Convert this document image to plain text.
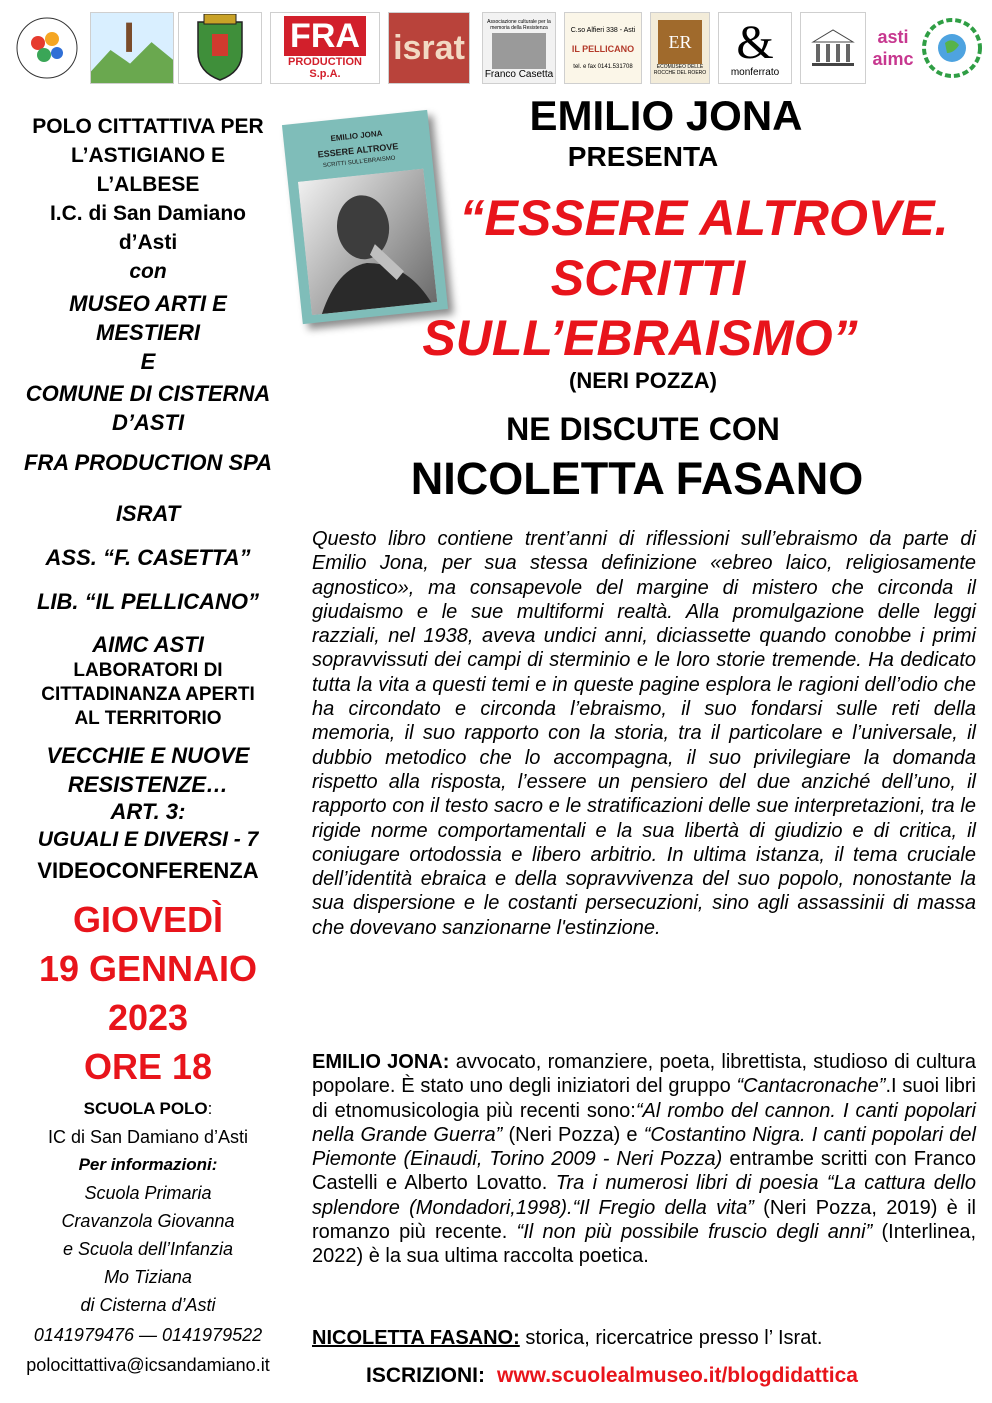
FRA
PRODUCTION S.p.A.
israt
Associazione culturale per la memoria della Resistenza
Franco Casetta
C.so Alfieri 338 - Asti
IL PELLICANO
tel. e fax 0141.531708
ER
ECOMUSEO DELLE ROCCHE DEL ROERO
&
monferrato
asti
aimc
POLO CITTATTIVA PER
L’ASTIGIANO E
L’ALBESE
I.C. di San Damiano
d’Asti
con
MUSEO ARTI E
MESTIERI
E
COMUNE DI CISTERNA
D’ASTI
FRA PRODUCTION SPA
ISRAT
ASS. “F. CASETTA”
LIB. “IL PELLICANO”
AIMC ASTI
LABORATORI DI
CITTADINANZA APERTI
AL TERRITORIO
VECCHIE E NUOVE
RESISTENZE…
ART. 3:
UGUALI E DIVERSI - 7
VIDEOCONFERENZA
GIOVEDÌ
19 GENNAIO
2023
ORE 18
SCUOLA POLO:
IC di San Damiano d’Asti
Per informazioni:
Scuola Primaria
Cravanzola Giovanna
e Scuola dell’Infanzia
Mo Tiziana
di Cisterna d’Asti
0141979476 — 0141979522
polocittattiva@icsandamiano.it
EMILIO JONA
ESSERE ALTROVE
SCRITTI SULL'EBRAISMO
EMILIO JONA
PRESENTA
“ESSERE ALTROVE.
SCRITTI
SULL’EBRAISMO”
(NERI POZZA)
NE DISCUTE CON
NICOLETTA FASANO

Questo libro contiene trent’anni di riflessioni sull’ebraismo da parte di Emilio Jona, per sua stessa definizione «ebreo laico, religiosamente agnostico», ma consapevole del margine di mistero che circonda il giudaismo e le sue multiformi realtà. Alla promulgazione delle leggi razziali, nel 1938, aveva undici anni, diciassette quando conobbe i primi sopravvissuti dei campi di sterminio e le loro storie tremende. Ha dedicato tutta la vita a questi temi e in queste pagine esplora le ragioni dell’odio che ha circondato e circonda l’ebraismo, il suo fondarsi sulle reti della memoria, il suo rapporto con la storia, tra il particolare e l’universale, il dubbio metodico che lo accompagna, il suo privilegiare la domanda rispetto alla risposta, l’essere un pensiero del due anziché dell’uno, il rapporto con il testo sacro e le stratificazioni delle sue interpretazioni, tra le rigide norme comportamentali e la sua libertà di giudizio e di critica, il coniugare ortodossia e libero arbitrio. In ultima istanza, il tema cruciale dell’identità ebraica e della sopravvivenza del suo popolo, nonostante la sua dispersione e le costanti persecuzioni, sino agli assassinii di massa che dovevano sanzionarne l'estinzione.

EMILIO JONA: avvocato, romanziere, poeta, librettista, studioso di cultura popolare. È stato uno degli iniziatori del gruppo “Cantacronache”.I suoi libri di etnomusicologia più recenti sono:“Al rombo del cannon. I canti popolari nella Grande Guerra” (Neri Pozza) e “Costantino Nigra. I canti popolari del Piemonte (Einaudi, Torino 2009 - Neri Pozza) entrambe scritti con Franco Castelli e Alberto Lovatto. Tra i numerosi libri di poesia “La cattura dello splendore (Mondadori,1998).“Il Fregio della vita” (Neri Pozza, 2019) è il romanzo più recente. “Il non più possibile fruscio degli anni” (Interlinea, 2022) è la sua ultima raccolta poetica.

NICOLETTA FASANO: storica, ricercatrice presso l’ Israt.

ISCRIZIONI: www.scuolealmuseo.it/blogdidattica
